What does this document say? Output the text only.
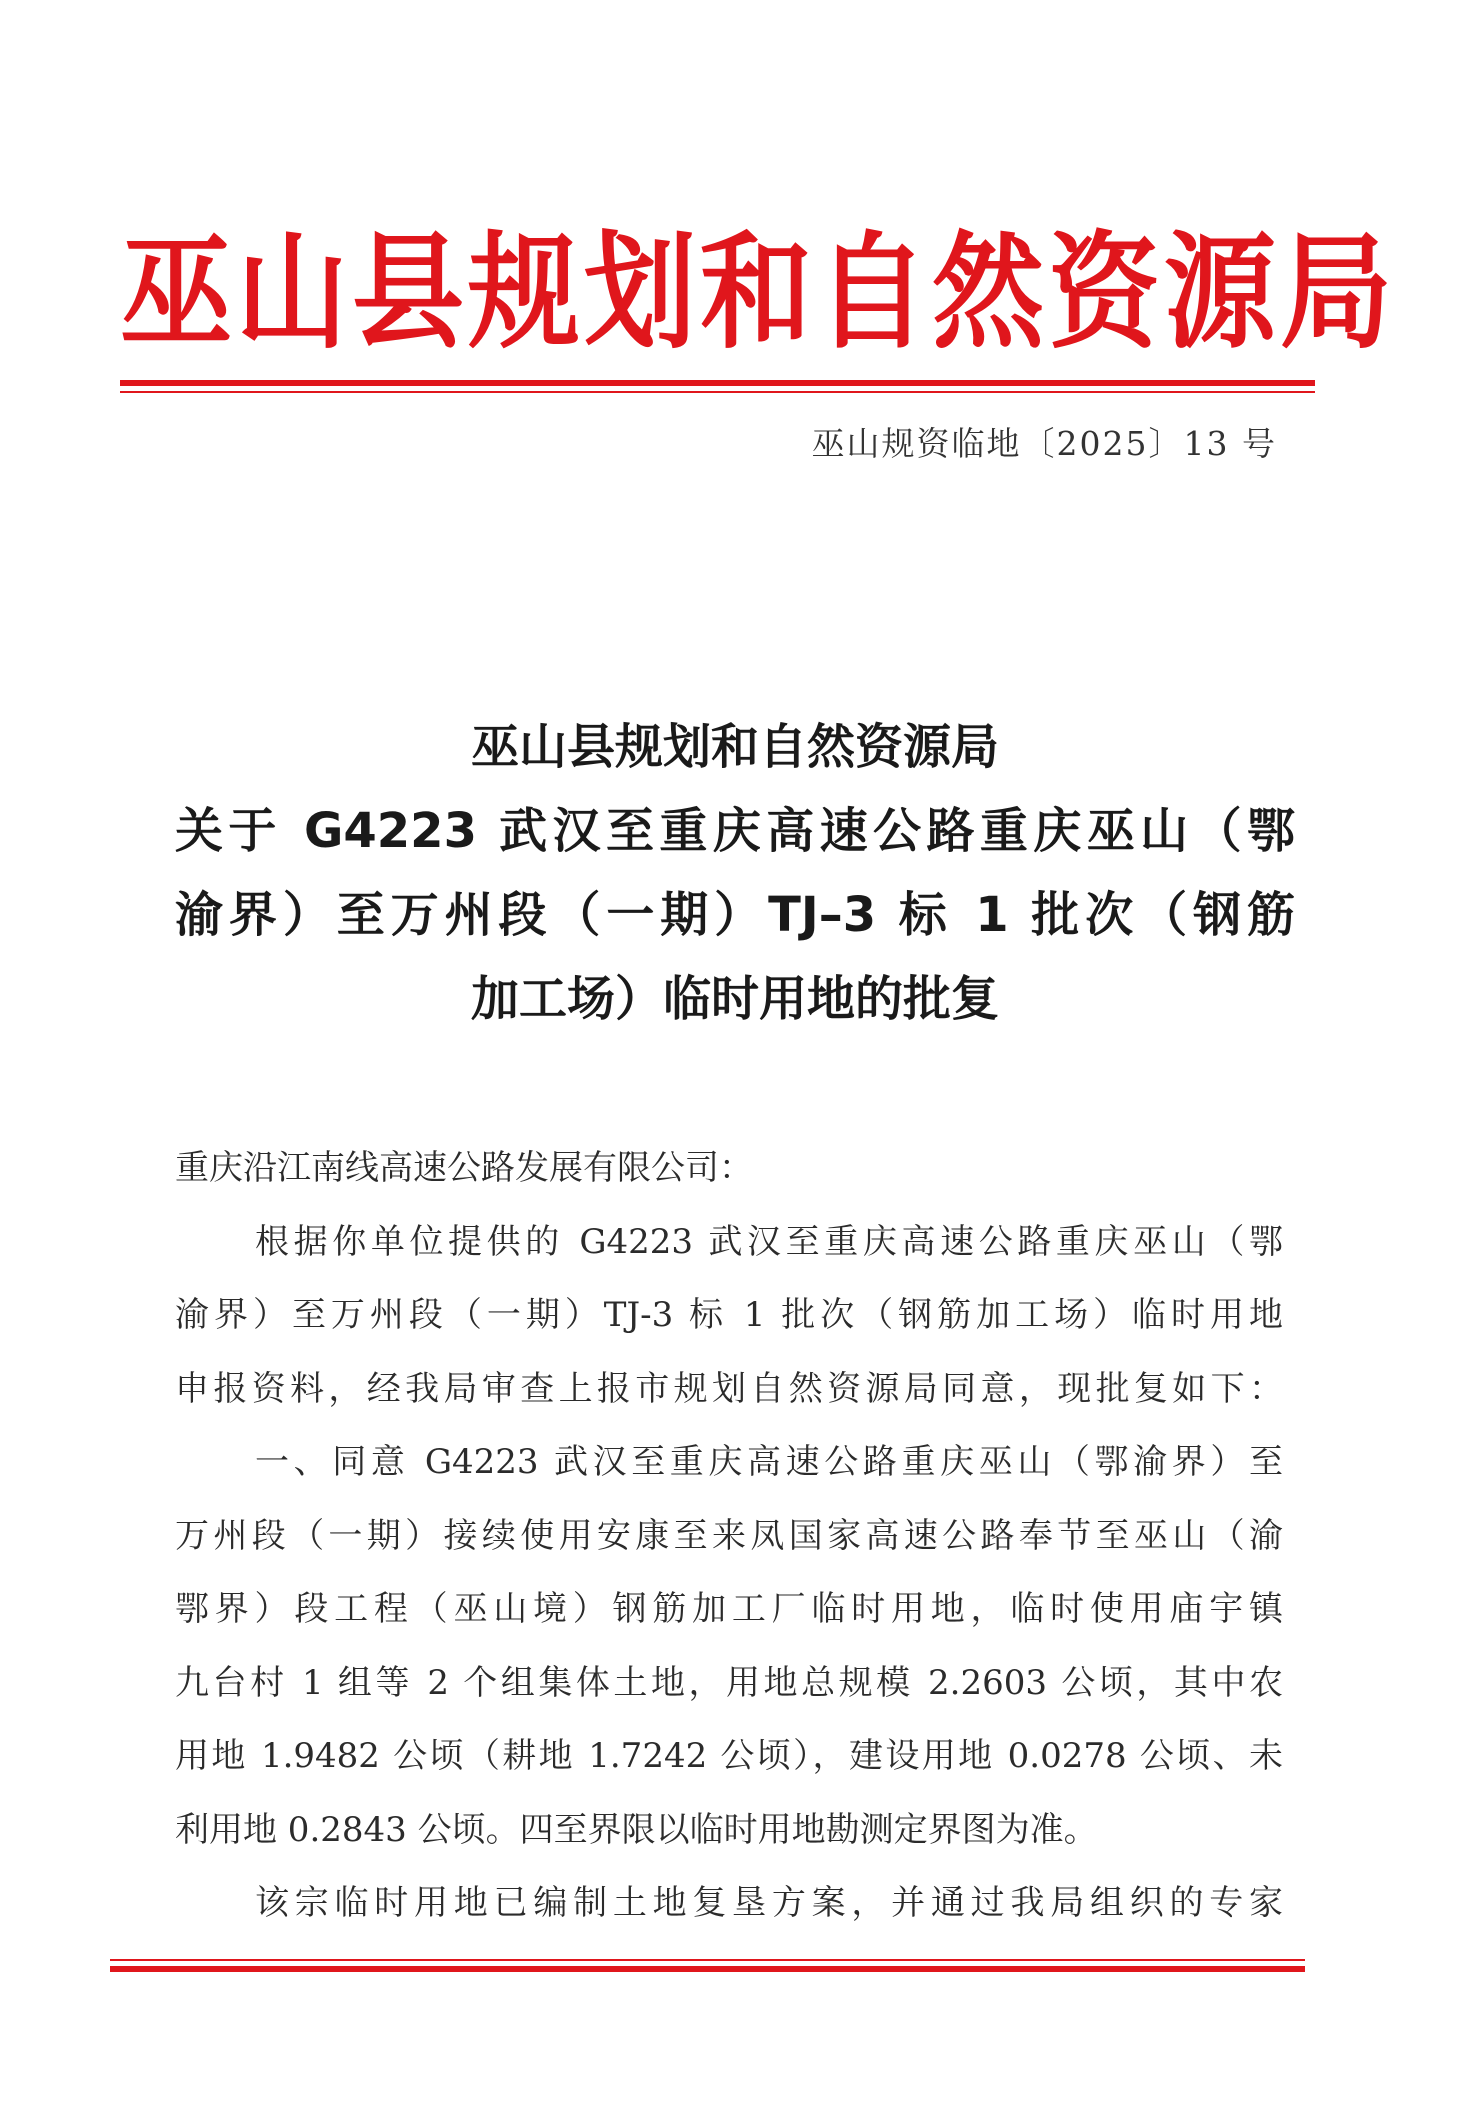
巫山县规划和自然资源局
巫山规资临地〔2025〕13 号
巫山县规划和自然资源局
关于 G4223 武汉至重庆高速公路重庆巫山（鄂
渝界）至万州段（一期）TJ–3 标 1 批次（钢筋
加工场）临时用地的批复
重庆沿江南线高速公路发展有限公司：
根据你单位提供的 G4223 武汉至重庆高速公路重庆巫山（鄂
渝界）至万州段（一期）TJ-3 标 1 批次（钢筋加工场）临时用地
申报资料，经我局审查上报市规划自然资源局同意，现批复如下：
一、同意 G4223 武汉至重庆高速公路重庆巫山（鄂渝界）至
万州段（一期）接续使用安康至来凤国家高速公路奉节至巫山（渝
鄂界）段工程（巫山境）钢筋加工厂临时用地，临时使用庙宇镇
九台村 1 组等 2 个组集体土地，用地总规模 2.2603 公顷，其中农
用地 1.9482 公顷（耕地 1.7242 公顷），建设用地 0.0278 公顷、未
利用地 0.2843 公顷。四至界限以临时用地勘测定界图为准。
该宗临时用地已编制土地复垦方案，并通过我局组织的专家
